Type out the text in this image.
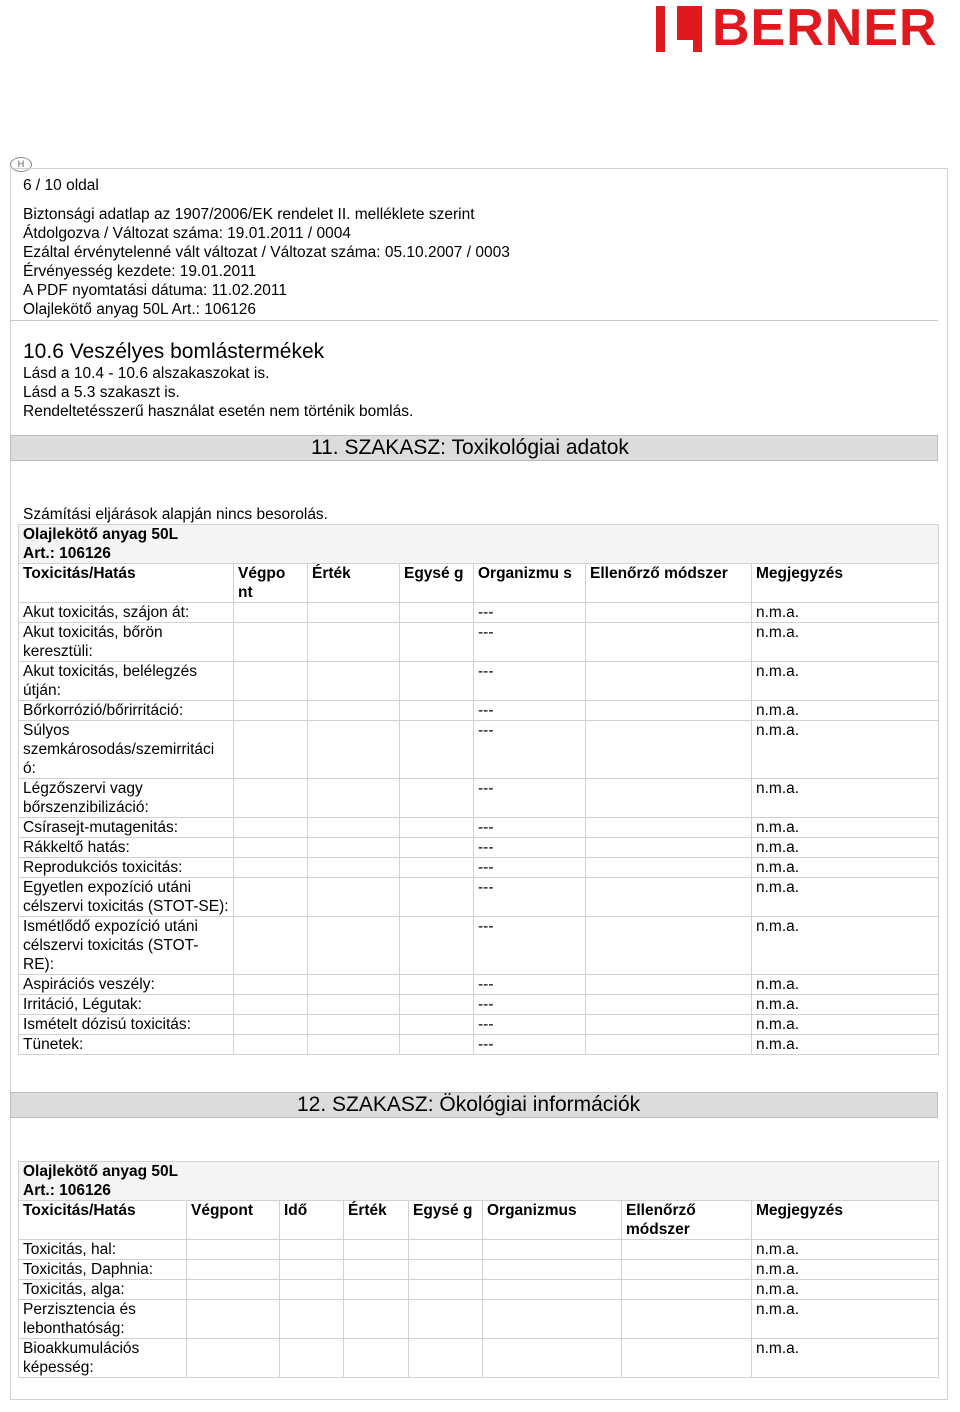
BERNER
H
6 / 10 oldal
Biztonsági adatlap az 1907/2006/EK rendelet II. melléklete szerint
Átdolgozva / Változat száma: 19.01.2011 / 0004
Ezáltal érvénytelenné vált változat / Változat száma: 05.10.2007 / 0003
Érvényesség kezdete: 19.01.2011
A PDF nyomtatási dátuma: 11.02.2011
Olajlekötő anyag 50L Art.: 106126
10.6 Veszélyes bomlástermékek
Lásd a 10.4 - 10.6 alszakaszokat is.
Lásd a 5.3 szakaszt is.
Rendeltetésszerű használat esetén nem történik bomlás.
11. SZAKASZ: Toxikológiai adatok
Számítási eljárások alapján nincs besorolás.
Olajlekötő anyag 50L
Art.: 106126						

Toxicitás/Hatás	Végpo nt	Érték	Egysé g	Organizmu s	Ellenőrző módszer	Megjegyzés
Akut toxicitás, szájon át:				---		n.m.a.
Akut toxicitás, bőrön keresztüli:				---		n.m.a.
Akut toxicitás, belélegzés útján:				---		n.m.a.
Bőrkorrózió/bőrirritáció:				---		n.m.a.
Súlyos szemkárosodás/szemirritáci ó:				---		n.m.a.
Légzőszervi vagy bőrszenzibilizáció:				---		n.m.a.
Csírasejt-mutagenitás:				---		n.m.a.
Rákkeltő hatás:				---		n.m.a.
Reprodukciós toxicitás:				---		n.m.a.
Egyetlen expozíció utáni célszervi toxicitás (STOT-SE):				---		n.m.a.
Ismétlődő expozíció utáni célszervi toxicitás (STOT-RE):				---		n.m.a.
Aspirációs veszély:				---		n.m.a.
Irritáció, Légutak:				---		n.m.a.
Ismételt dózisú toxicitás:				---		n.m.a.
Tünetek:				---		n.m.a.
12. SZAKASZ: Ökológiai információk
Olajlekötő anyag 50L
Art.: 106126							

Toxicitás/Hatás	Végpont	Idő	Érték	Egysé g	Organizmus	Ellenőrző módszer	Megjegyzés
Toxicitás, hal:							n.m.a.
Toxicitás, Daphnia:							n.m.a.
Toxicitás, alga:							n.m.a.
Perzisztencia és lebonthatóság:							n.m.a.
Bioakkumulációs képesség:							n.m.a.
